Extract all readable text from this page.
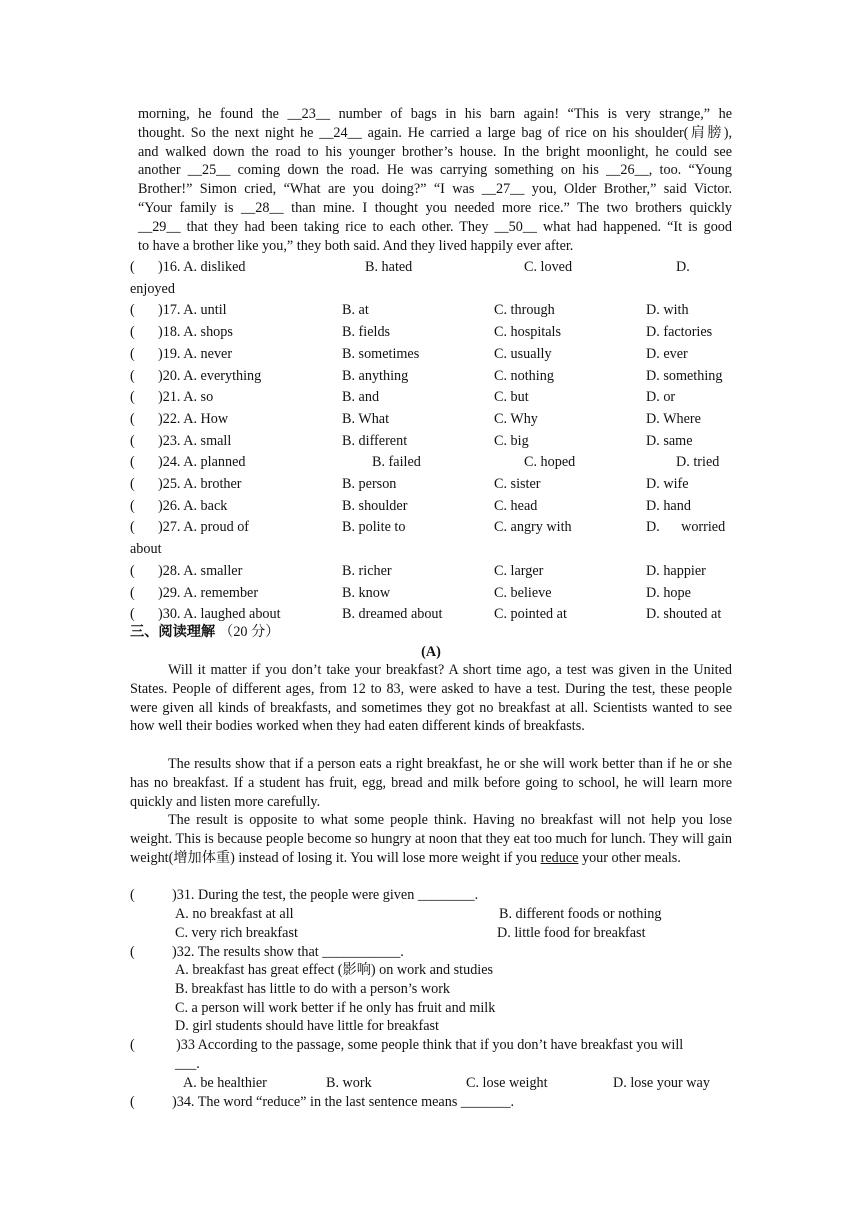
morning, he found the __23__ number of bags in his barn again! “This is very strange,” he
thought. So the next night he __24__ again. He carried a large bag of rice on his shoulder(肩膀),
and walked down the road to his younger brother’s house. In the bright moonlight, he could see
another __25__ coming down the road. He was carrying something on his __26__, too. “Young
Brother!” Simon cried, “What are you doing?” “I was __27__ you, Older Brother,” said Victor.
“Your family is __28__ than mine. I thought you needed more rice.” The two brothers quickly
__29__ that they had been taking rice to each other. They __50__ what had happened. “It is good
to have a brother like you,” they both said. And they lived happily ever after.
( )16. A. disliked	B. hated	C. loved	D.
enjoyed
( )17. A. until	B. at	C. through	D. with
( )18. A. shops	B. fields	C. hospitals	D. factories
( )19. A. never	B. sometimes	C. usually	D. ever
( )20. A. everything	B. anything	C. nothing	D. something
( )21. A. so	B. and	C. but	D. or
( )22. A. How	B. What	C. Why	D. Where
( )23. A. small	B. different	C. big	D. same
( )24. A. planned	B. failed	C. hoped	D. tried
( )25. A. brother	B. person	C. sister	D. wife
( )26. A. back	B. shoulder	C. head	D. hand
( )27. A. proud of	B. polite to	C. angry with	D.      worried
about
( )28. A. smaller	B. richer	C. larger	D. happier
( )29. A. remember	B. know	C. believe	D. hope
( )30. A. laughed about	B. dreamed about	C. pointed at	D. shouted at
三、阅读理解 （20 分）
(A)
Will it matter if you don’t take your breakfast? A short time ago, a test was given in the United States. People of different ages, from 12 to 83, were asked to have a test. During the test, these people were given all kinds of breakfasts, and sometimes they got no breakfast at all. Scientists wanted to see how well their bodies worked when they had eaten different kinds of breakfasts.
The results show that if a person eats a right breakfast, he or she will work better than if he or she has no breakfast. If a student has fruit, egg, bread and milk before going to school, he will learn more quickly and listen more carefully.
The result is opposite to what some people think. Having no breakfast will not help you lose weight. This is because people become so hungry at noon that they eat too much for lunch. They will gain weight(增加体重) instead of losing it. You will lose more weight if you reduce your other meals.
(	)31. During the test, the people were given ________.
A. no breakfast at all	B. different foods or nothing
C. very rich breakfast	D. little food for breakfast
(	)32. The results show that ___________.
A. breakfast has great effect (影响) on work and studies
B. breakfast has little to do with a person’s work
C. a person will work better if he only has fruit and milk
D. girl students should have little for breakfast
(	)33 According to the passage, some people think that if you don’t have breakfast you will
___.
A. be healthier	B. work	C. lose weight	D. lose your way
(	)34. The word “reduce” in the last sentence means _______.
